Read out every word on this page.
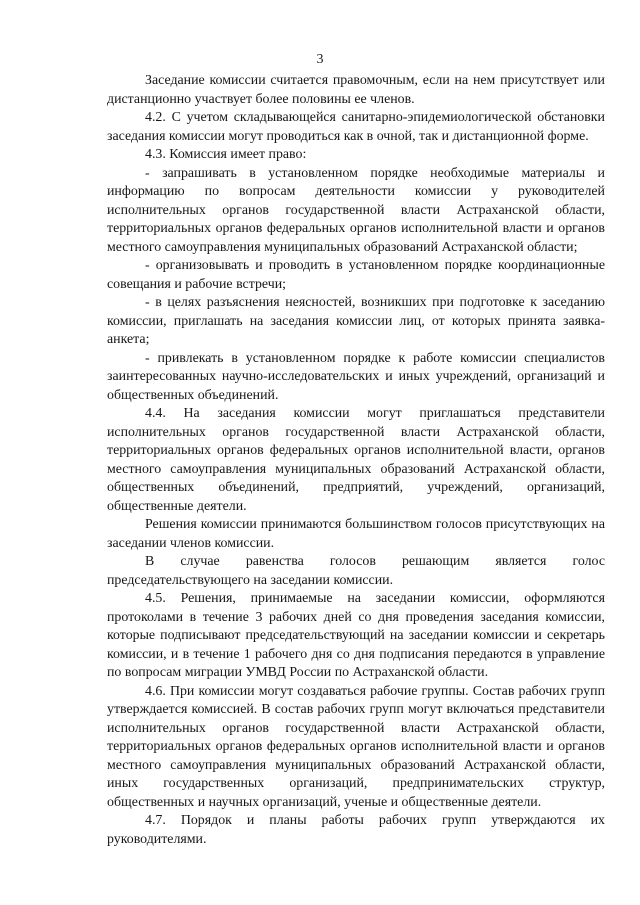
3

Заседание комиссии считается правомочным, если на нем присутствует или дистанционно участвует более половины ее членов.

4.2. С учетом складывающейся санитарно-эпидемиологической обстановки заседания комиссии могут проводиться как в очной, так и дистанционной форме.

4.3. Комиссия имеет право:

- запрашивать в установленном порядке необходимые материалы и информацию по вопросам деятельности комиссии у руководителей исполнительных органов государственной власти Астраханской области, территориальных органов федеральных органов исполнительной власти и органов местного самоуправления муниципальных образований Астраханской области;

- организовывать и проводить в установленном порядке координационные совещания и рабочие встречи;

- в целях разъяснения неясностей, возникших при подготовке к заседанию комиссии, приглашать на заседания комиссии лиц, от которых принята заявка-анкета;

- привлекать в установленном порядке к работе комиссии специалистов заинтересованных научно-исследовательских и иных учреждений, организаций и общественных объединений.

4.4. На заседания комиссии могут приглашаться представители исполнительных органов государственной власти Астраханской области, территориальных органов федеральных органов исполнительной власти, органов местного самоуправления муниципальных образований Астраханской области, общественных объединений, предприятий, учреждений, организаций, общественные деятели.

Решения комиссии принимаются большинством голосов присутствующих на заседании членов комиссии.

В случае равенства голосов решающим является голос председательствующего на заседании комиссии.

4.5. Решения, принимаемые на заседании комиссии, оформляются протоколами в течение 3 рабочих дней со дня проведения заседания комиссии, которые подписывают председательствующий на заседании комиссии и секретарь комиссии, и в течение 1 рабочего дня со дня подписания передаются в управление по вопросам миграции УМВД России по Астраханской области.

4.6. При комиссии могут создаваться рабочие группы. Состав рабочих групп утверждается комиссией. В состав рабочих групп могут включаться представители исполнительных органов государственной власти Астраханской области, территориальных органов федеральных органов исполнительной власти и органов местного самоуправления муниципальных образований Астраханской области, иных государственных организаций, предпринимательских структур, общественных и научных организаций, ученые и общественные деятели.

4.7. Порядок и планы работы рабочих групп утверждаются их руководителями.
